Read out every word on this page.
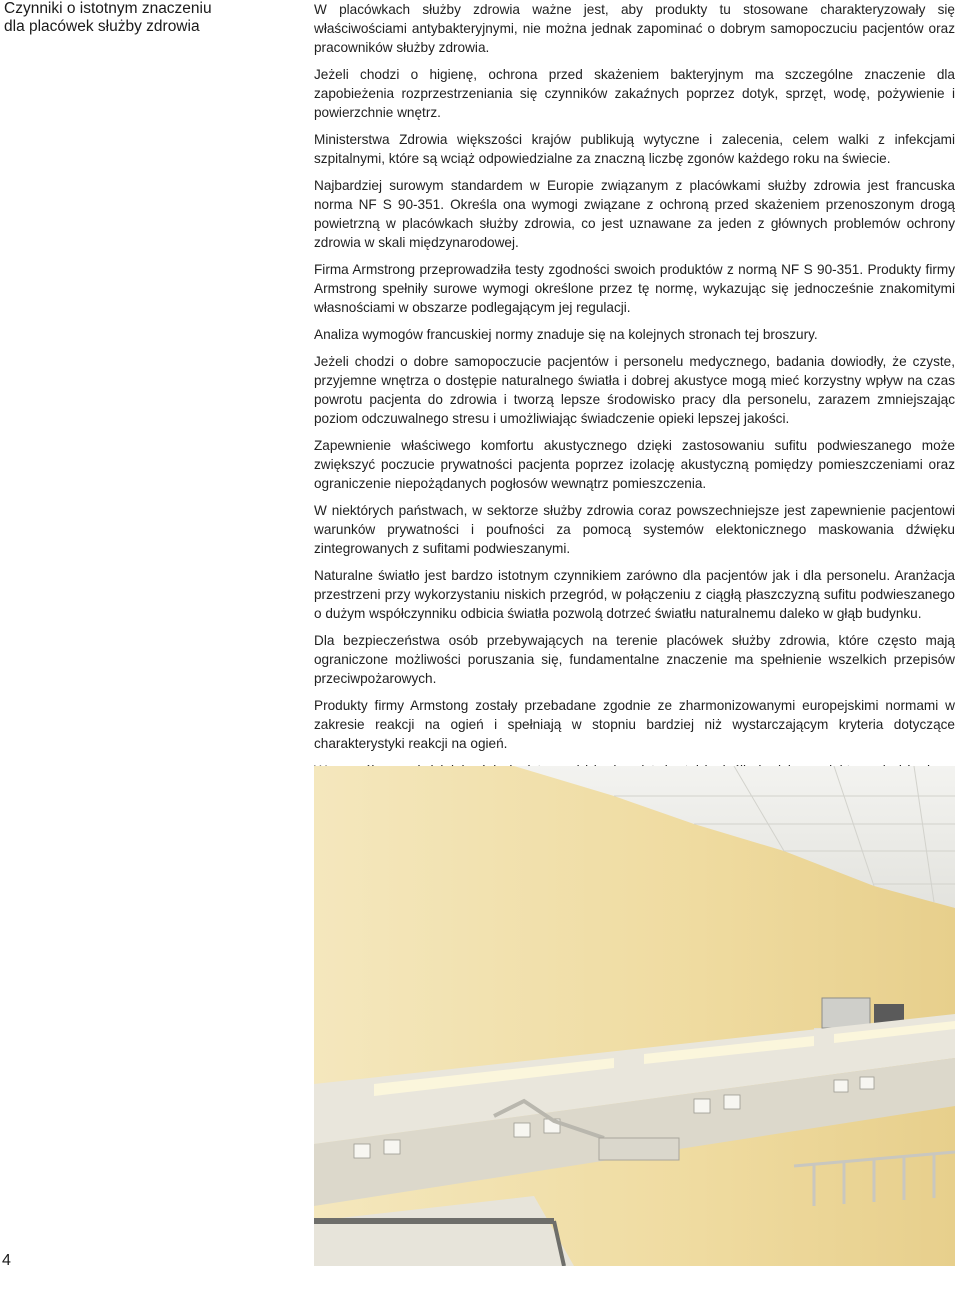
Czynniki o istotnym znaczeniu
dla placówek służby zdrowia

W placówkach służby zdrowia ważne jest, aby produkty tu stosowane charakteryzowały się właściwościami antybakteryjnymi, nie można jednak zapominać o dobrym samopoczuciu pacjentów oraz pracowników służby zdrowia.

Jeżeli chodzi o higienę, ochrona przed skażeniem bakteryjnym ma szczególne znaczenie dla zapobieżenia rozprzestrzeniania się czynników zakaźnych poprzez dotyk, sprzęt, wodę, pożywienie i powierzchnie wnętrz.

Ministerstwa Zdrowia większości krajów publikują wytyczne i zalecenia, celem walki z infekcjami szpitalnymi, które są wciąż odpowiedzialne za znaczną liczbę zgonów każdego roku na świecie.

Najbardziej surowym standardem w Europie związanym z placówkami służby zdrowia jest francuska norma NF S 90-351. Określa ona wymogi związane z ochroną przed skażeniem przenoszonym drogą powietrzną w placówkach służby zdrowia, co jest uznawane za jeden z głównych problemów ochrony zdrowia w skali międzynarodowej.

Firma Armstrong przeprowadziła testy zgodności swoich produktów z normą NF S 90-351. Produkty firmy Armstrong spełniły surowe wymogi określone przez tę normę, wykazując się jednocześnie znakomitymi własnościami w obszarze podlegającym jej regulacji.

Analiza wymogów francuskiej normy znaduje się na kolejnych stronach tej broszury.

Jeżeli chodzi o dobre samopoczucie pacjentów i personelu medycznego, badania dowiodły, że czyste, przyjemne wnętrza o dostępie naturalnego światła i dobrej akustyce mogą mieć korzystny wpływ na czas powrotu pacjenta do zdrowia i tworzą lepsze środowisko pracy dla personelu, zarazem zmniejszając poziom odczuwalnego stresu i umożliwiając świadczenie opieki lepszej jakości.

Zapewnienie właściwego komfortu akustycznego dzięki zastosowaniu sufitu podwieszanego może zwiększyć poczucie prywatności pacjenta poprzez izolację akustyczną pomiędzy pomieszczeniami oraz ograniczenie niepożądanych pogłosów wewnątrz pomieszczenia.

W niektórych państwach, w sektorze służby zdrowia coraz powszechniejsze jest zapewnienie pacjentowi warunków prywatności i poufności za pomocą systemów elektonicznego maskowania dźwięku zintegrowanych z sufitami podwieszanymi.

Naturalne światło jest bardzo istotnym czynnikiem zarówno dla pacjentów jak i dla personelu. Aranżacja przestrzeni przy wykorzystaniu niskich przegród, w połączeniu z ciągłą płaszczyzną sufitu podwieszanego o dużym współczynniku odbicia światła pozwolą dotrzeć światłu naturalnemu daleko w głąb budynku.

Dla bezpieczeństwa osób przebywających na terenie placówek służby zdrowia, które często mają ograniczone możliwości poruszania się, fundamentalne znaczenie ma spełnienie wszelkich przepisów przeciwpożarowych.

Produkty firmy Armstong zostały przebadane zgodnie ze zharmonizowanymi europejskimi normami w zakresie reakcji na ogień i spełniają w stopniu bardziej niż wystarczającym kryteria dotyczące charakterystyki reakcji na ogień.

4
